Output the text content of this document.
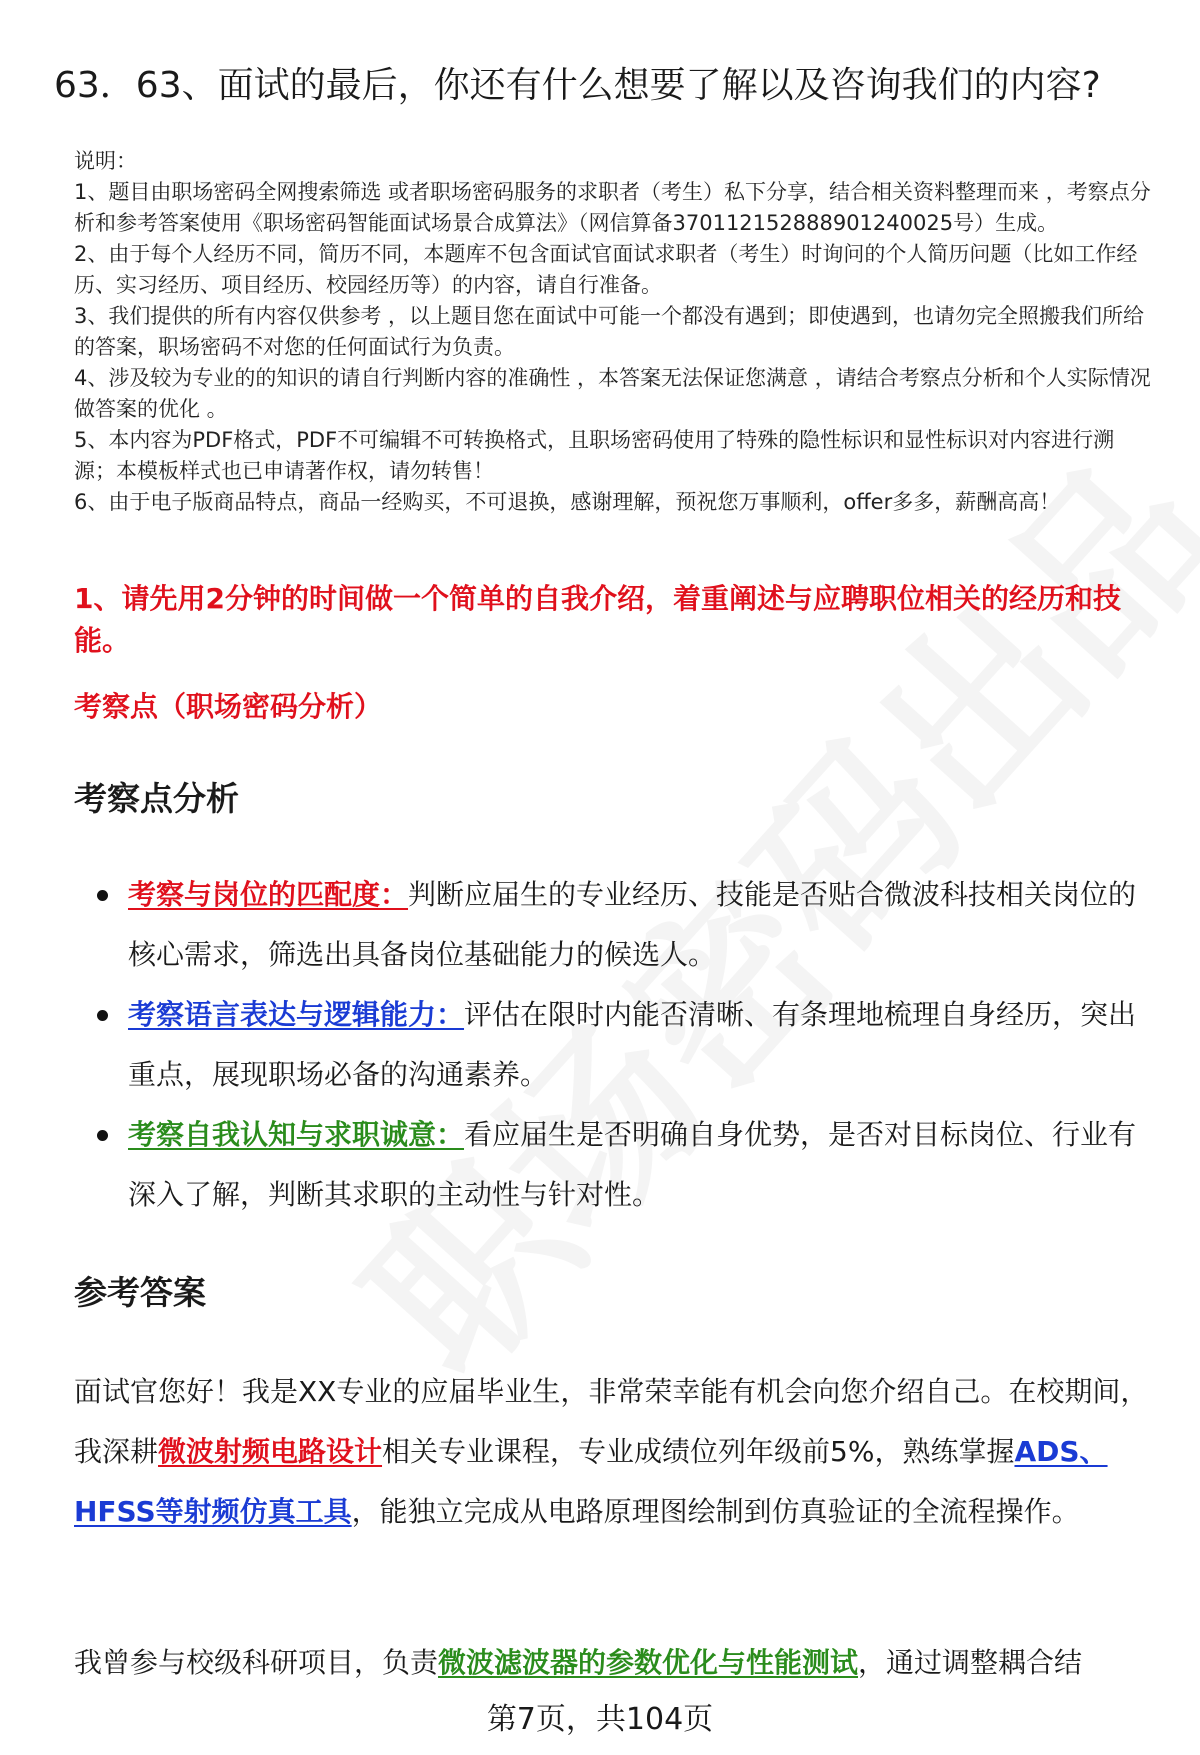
63．63、面试的最后，你还有什么想要了解以及咨询我们的内容?

说明：

1、题目由职场密码全网搜索筛选 或者职场密码服务的求职者（考生）私下分享，结合相关资料整理而来 ，考察点分析和参考答案使用《职场密码智能面试场景合成算法》（网信算备370112152888901240025号）生成。

2、由于每个人经历不同，简历不同，本题库不包含面试官面试求职者（考生）时询问的个人简历问题（比如工作经历、实习经历、项目经历、校园经历等）的内容，请自行准备。

3、我们提供的所有内容仅供参考 ，以上题目您在面试中可能一个都没有遇到；即使遇到，也请勿完全照搬我们所给的答案，职场密码不对您的任何面试行为负责。

4、涉及较为专业的的知识的请自行判断内容的准确性 ，本答案无法保证您满意 ，请结合考察点分析和个人实际情况做答案的优化 。

5、本内容为PDF格式，PDF不可编辑不可转换格式，且职场密码使用了特殊的隐性标识和显性标识对内容进行溯源；本模板样式也已申请著作权，请勿转售！

6、由于电子版商品特点，商品一经购买，不可退换，感谢理解，预祝您万事顺利，offer多多，薪酬高高！

1、请先用2分钟的时间做一个简单的自我介绍，着重阐述与应聘职位相关的经历和技能。

考察点（职场密码分析）

考察点分析
考察与岗位的匹配度：判断应届生的专业经历、技能是否贴合微波科技相关岗位的核心需求，筛选出具备岗位基础能力的候选人。
考察语言表达与逻辑能力：评估在限时内能否清晰、有条理地梳理自身经历，突出重点，展现职场必备的沟通素养。
考察自我认知与求职诚意：看应届生是否明确自身优势，是否对目标岗位、行业有深入了解，判断其求职的主动性与针对性。
参考答案

面试官您好！我是XX专业的应届毕业生，非常荣幸能有机会向您介绍自己。在校期间，我深耕微波射频电路设计相关专业课程，专业成绩位列年级前5%，熟练掌握ADS、HFSS等射频仿真工具，能独立完成从电路原理图绘制到仿真验证的全流程操作。

我曾参与校级科研项目，负责微波滤波器的参数优化与性能测试，通过调整耦合结

第7页，共104页
